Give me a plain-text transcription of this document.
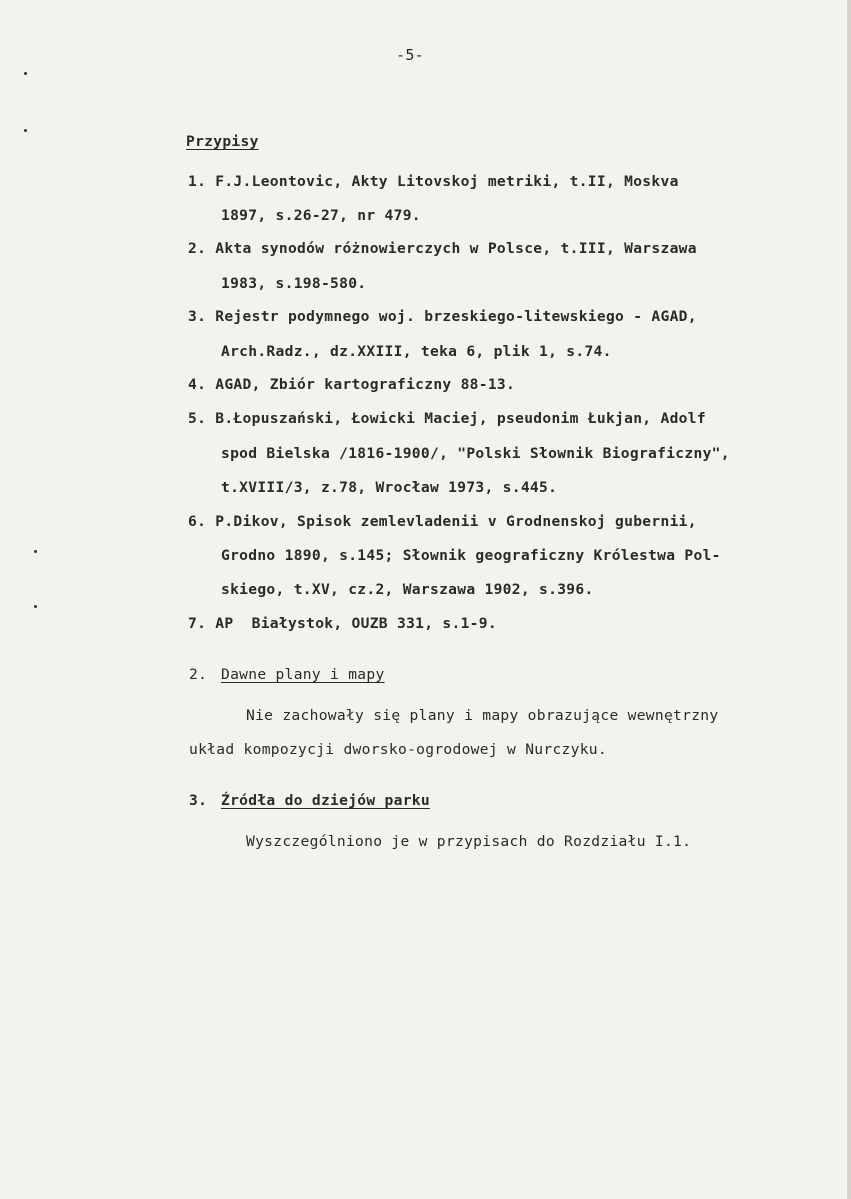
-5-
Przypisy
1. F.J.Leontovic, Akty Litovskoj metriki, t.II, Moskva
1897, s.26-27, nr 479.
2. Akta synodów różnowierczych w Polsce, t.III, Warszawa
1983, s.198-580.
3. Rejestr podymnego woj. brzeskiego-litewskiego - AGAD,
Arch.Radz., dz.XXIII, teka 6, plik 1, s.74.
4. AGAD, Zbiór kartograficzny 88-13.
5. B.Łopuszański, Łowicki Maciej, pseudonim Łukjan, Adolf
spod Bielska /1816-1900/, "Polski Słownik Biograficzny",
t.XVIII/3, z.78, Wrocław 1973, s.445.
6. P.Dikov, Spisok zemlevladenii v Grodnenskoj gubernii,
Grodno 1890, s.145; Słownik geograficzny Królestwa Pol-
skiego, t.XV, cz.2, Warszawa 1902, s.396.
7. AP  Białystok, OUZB 331, s.1-9.
2. Dawne plany i mapy
Nie zachowały się plany i mapy obrazujące wewnętrzny
układ kompozycji dworsko-ogrodowej w Nurczyku.
3. Źródła do dziejów parku
Wyszczególniono je w przypisach do Rozdziału I.1.
